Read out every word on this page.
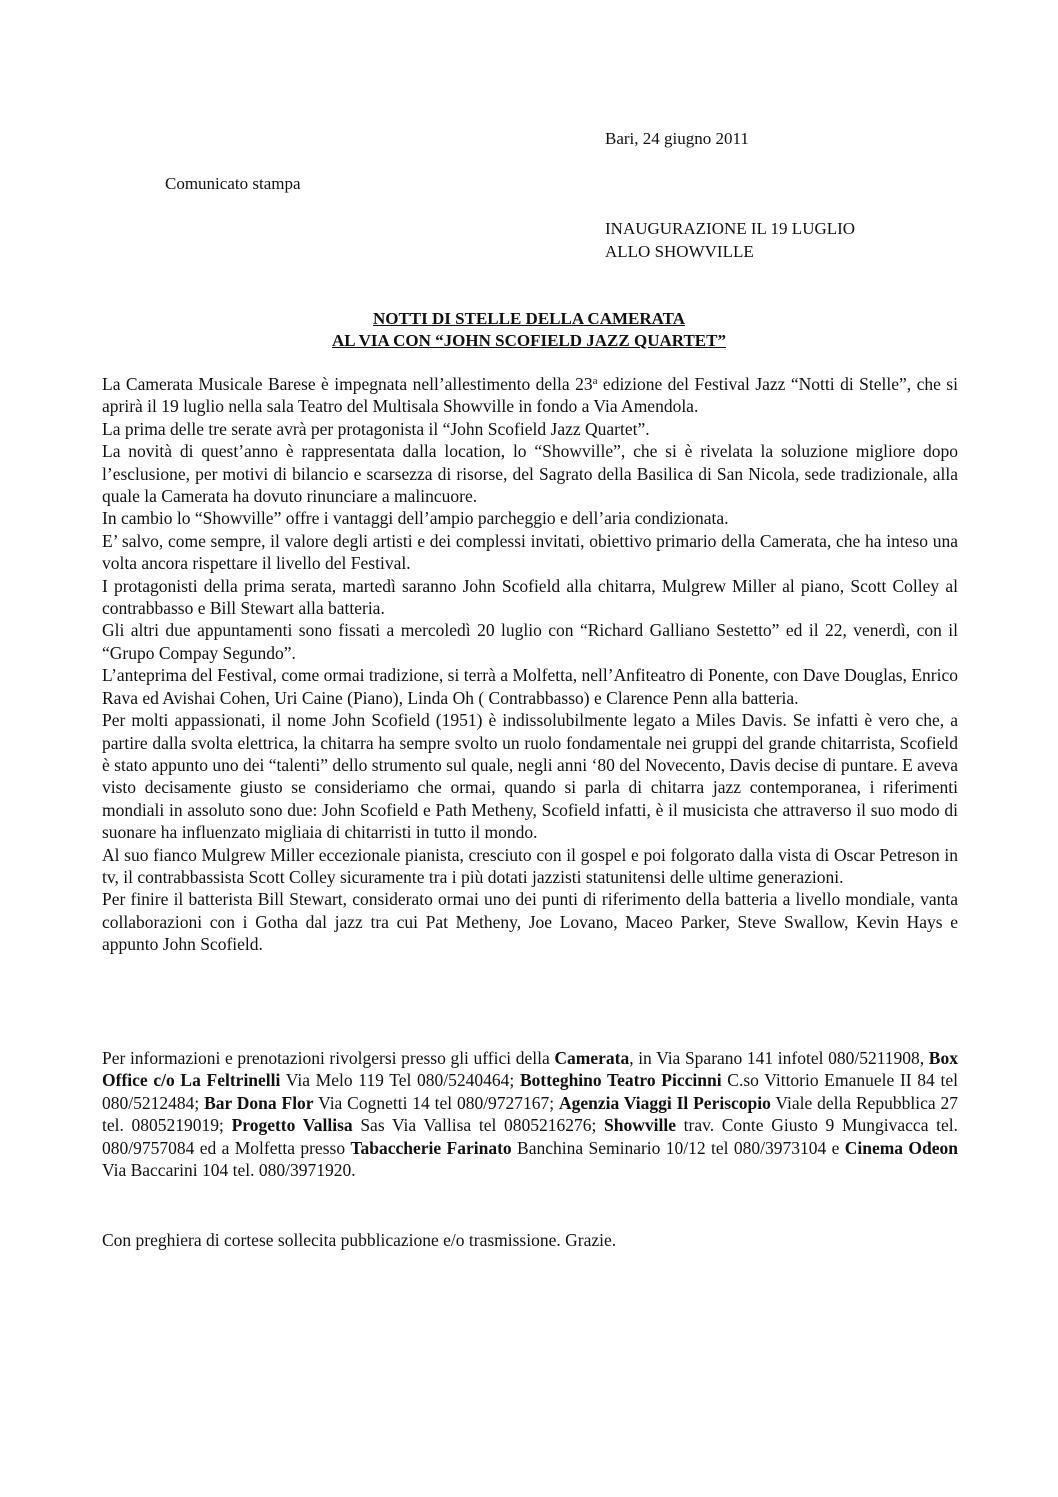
Bari, 24 giugno 2011
Comunicato stampa
INAUGURAZIONE IL 19 LUGLIO
ALLO SHOWVILLE
NOTTI DI STELLE DELLA CAMERATA
AL VIA CON “JOHN SCOFIELD JAZZ QUARTET”

La Camerata Musicale Barese è impegnata nell’allestimento della 23$^a$ edizione del Festival Jazz “Notti di Stelle”, che si aprirà il 19 luglio nella sala Teatro del Multisala Showville in fondo a Via Amendola.

La prima delle tre serate avrà per protagonista il “John Scofield Jazz Quartet”.

La novità di quest’anno è rappresentata dalla location, lo “Showville”, che si è rivelata la soluzione migliore dopo l’esclusione, per motivi di bilancio e scarsezza di risorse, del Sagrato della Basilica di San Nicola, sede tradizionale, alla quale la Camerata ha dovuto rinunciare a malincuore.

In cambio lo “Showville” offre i vantaggi dell’ampio parcheggio e dell’aria condizionata.

E’ salvo, come sempre, il valore degli artisti e dei complessi invitati, obiettivo primario della Camerata, che ha inteso una volta ancora rispettare il livello del Festival.

I protagonisti della prima serata, martedì saranno John Scofield alla chitarra, Mulgrew Miller al piano, Scott Colley al contrabbasso e Bill Stewart alla batteria.

Gli altri due appuntamenti sono fissati a mercoledì 20 luglio con “Richard Galliano Sestetto” ed il 22, venerdì, con il “Grupo Compay Segundo”.

L’anteprima del Festival, come ormai tradizione, si terrà a Molfetta, nell’Anfiteatro di Ponente, con Dave Douglas, Enrico Rava ed Avishai Cohen, Uri Caine (Piano), Linda Oh ( Contrabbasso) e Clarence Penn alla batteria.

Per molti appassionati, il nome John Scofield (1951) è indissolubilmente legato a Miles Davis. Se infatti è vero che, a partire dalla svolta elettrica, la chitarra ha sempre svolto un ruolo fondamentale nei gruppi del grande chitarrista, Scofield è stato appunto uno dei “talenti” dello strumento sul quale, negli anni ‘80 del Novecento, Davis decise di puntare. E aveva visto decisamente giusto se consideriamo che ormai, quando si parla di chitarra jazz contemporanea, i riferimenti mondiali in assoluto sono due: John Scofield e Path Metheny, Scofield infatti, è il musicista che attraverso il suo modo di suonare ha influenzato migliaia di chitarristi in tutto il mondo.

Al suo fianco Mulgrew Miller eccezionale pianista, cresciuto con il gospel e poi folgorato dalla vista di Oscar Petreson in tv, il contrabbassista Scott Colley sicuramente tra i più dotati jazzisti statunitensi delle ultime generazioni.

Per finire il batterista Bill Stewart, considerato ormai uno dei punti di riferimento della batteria a livello mondiale, vanta collaborazioni con i Gotha dal jazz tra cui Pat Metheny, Joe Lovano, Maceo Parker, Steve Swallow, Kevin Hays e appunto John Scofield.

Per informazioni e prenotazioni rivolgersi presso gli uffici della Camerata, in Via Sparano 141 infotel 080/5211908, Box Office c/o La Feltrinelli Via Melo 119 Tel 080/5240464; Botteghino Teatro Piccinni C.so Vittorio Emanuele II 84 tel 080/5212484; Bar Dona Flor Via Cognetti 14 tel 080/9727167; Agenzia Viaggi Il Periscopio Viale della Repubblica 27 tel. 0805219019; Progetto Vallisa Sas Via Vallisa tel 0805216276; Showville trav. Conte Giusto 9 Mungivacca tel. 080/9757084 ed a Molfetta presso Tabaccherie Farinato Banchina Seminario 10/12 tel 080/3973104 e Cinema Odeon Via Baccarini 104 tel. 080/3971920.
Con preghiera di cortese sollecita pubblicazione e/o trasmissione. Grazie.
